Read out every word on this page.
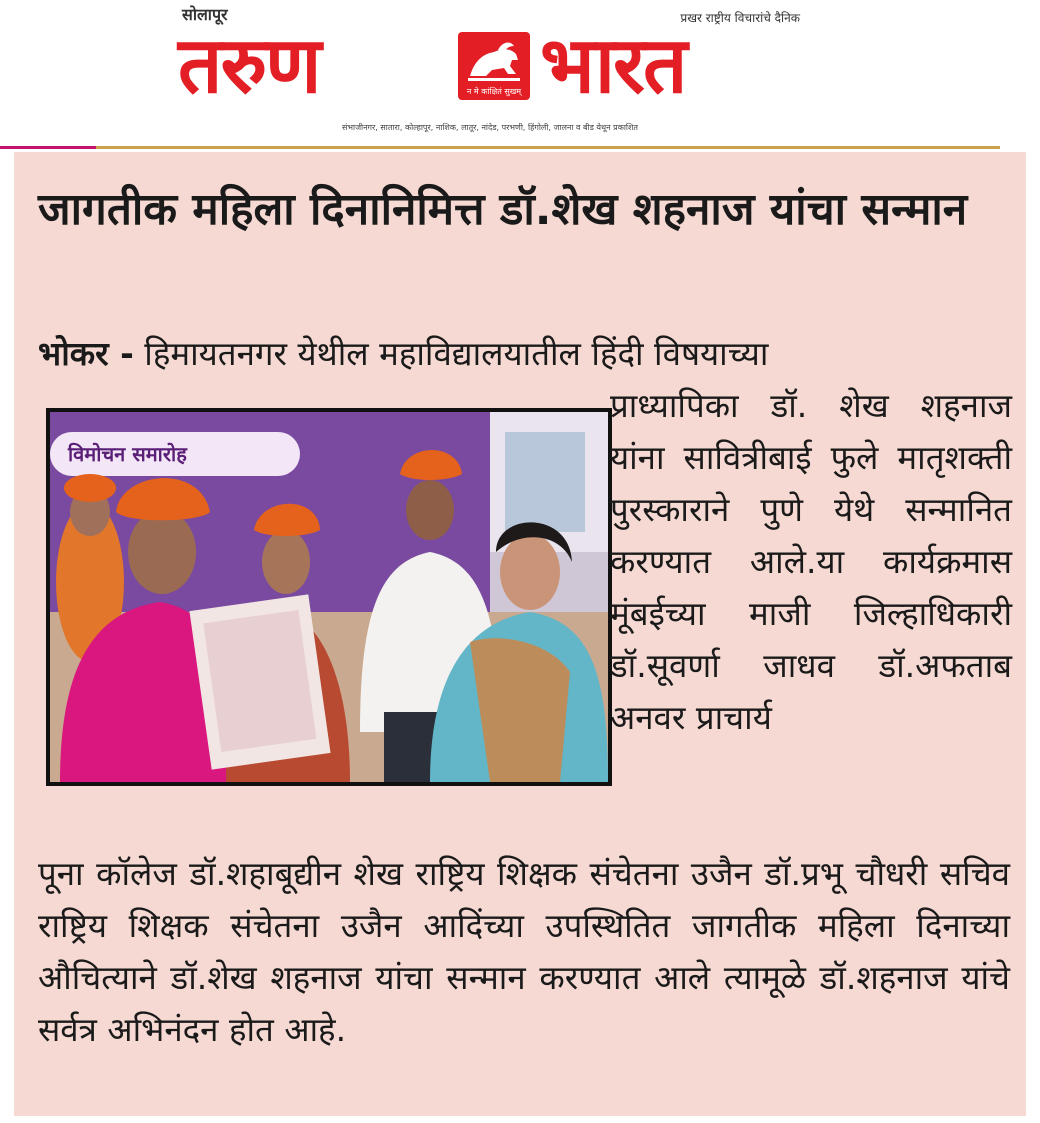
सोलापूर	प्रखर राष्ट्रीय विचारांचे दैनिक
तरुण	न मे कांक्षितं सुखम् भारत
संभाजीनगर, सातारा, कोल्हापूर, नाशिक, लातूर, नांदेड, परभणी, हिंगोली, जालना व बीड येथून प्रकाशित
जागतीक महिला दिनानिमित्त डॉ.शेख शहनाज यांचा सन्मान
भोकर - हिमायतनगर येथील महाविद्यालयातील हिंदी विषयाच्या
विमोचन समारोह
प्राध्यापिका डॉ. शेख शहनाज यांना सावित्रीबाई फुले मातृशक्ती पुरस्काराने पुणे येथे सन्मानित करण्यात आले.या कार्यक्रमास मूंबईच्या माजी जिल्हाधिकारी डॉ.सूवर्णा जाधव डॉ.अफताब अनवर प्राचार्य
पूना कॉलेज डॉ.शहाबूद्यीन शेख राष्ट्रिय शिक्षक संचेतना उजैन डॉ.प्रभू चौधरी सचिव राष्ट्रिय शिक्षक संचेतना उजैन आदिंच्या उपस्थितित जागतीक महिला दिनाच्या औचित्याने डॉ.शेख शहनाज यांचा सन्मान करण्यात आले त्यामूळे डॉ.शहनाज यांचे सर्वत्र अभिनंदन होत आहे.
